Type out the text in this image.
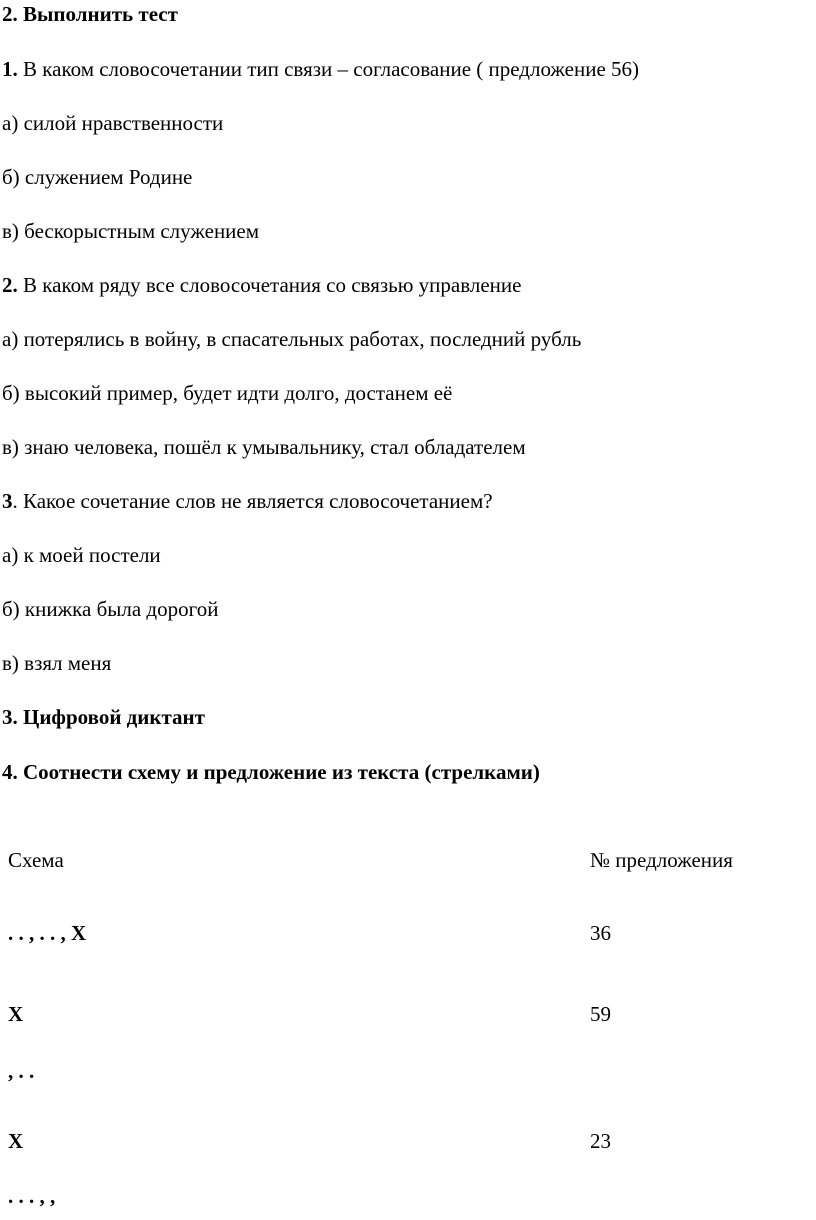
2. Выполнить тест
1. В каком словосочетании тип связи – согласование ( предложение 56)
а) силой нравственности
б) служением Родине
в) бескорыстным служением
2. В каком ряду все словосочетания со связью управление
а) потерялись в войну, в спасательных работах, последний рубль
б) высокий пример, будет идти долго, достанем её
в) знаю человека, пошёл к умывальнику, стал обладателем
3. Какое сочетание слов не является словосочетанием?
а) к моей постели
б) книжка была дорогой
в) взял меня
3. Цифровой диктант
4. Соотнести схему и предложение из текста (стрелками)
Схема	№ предложения
. . , . . , X	36
X	59
, . .
X	23
. . . , ,
